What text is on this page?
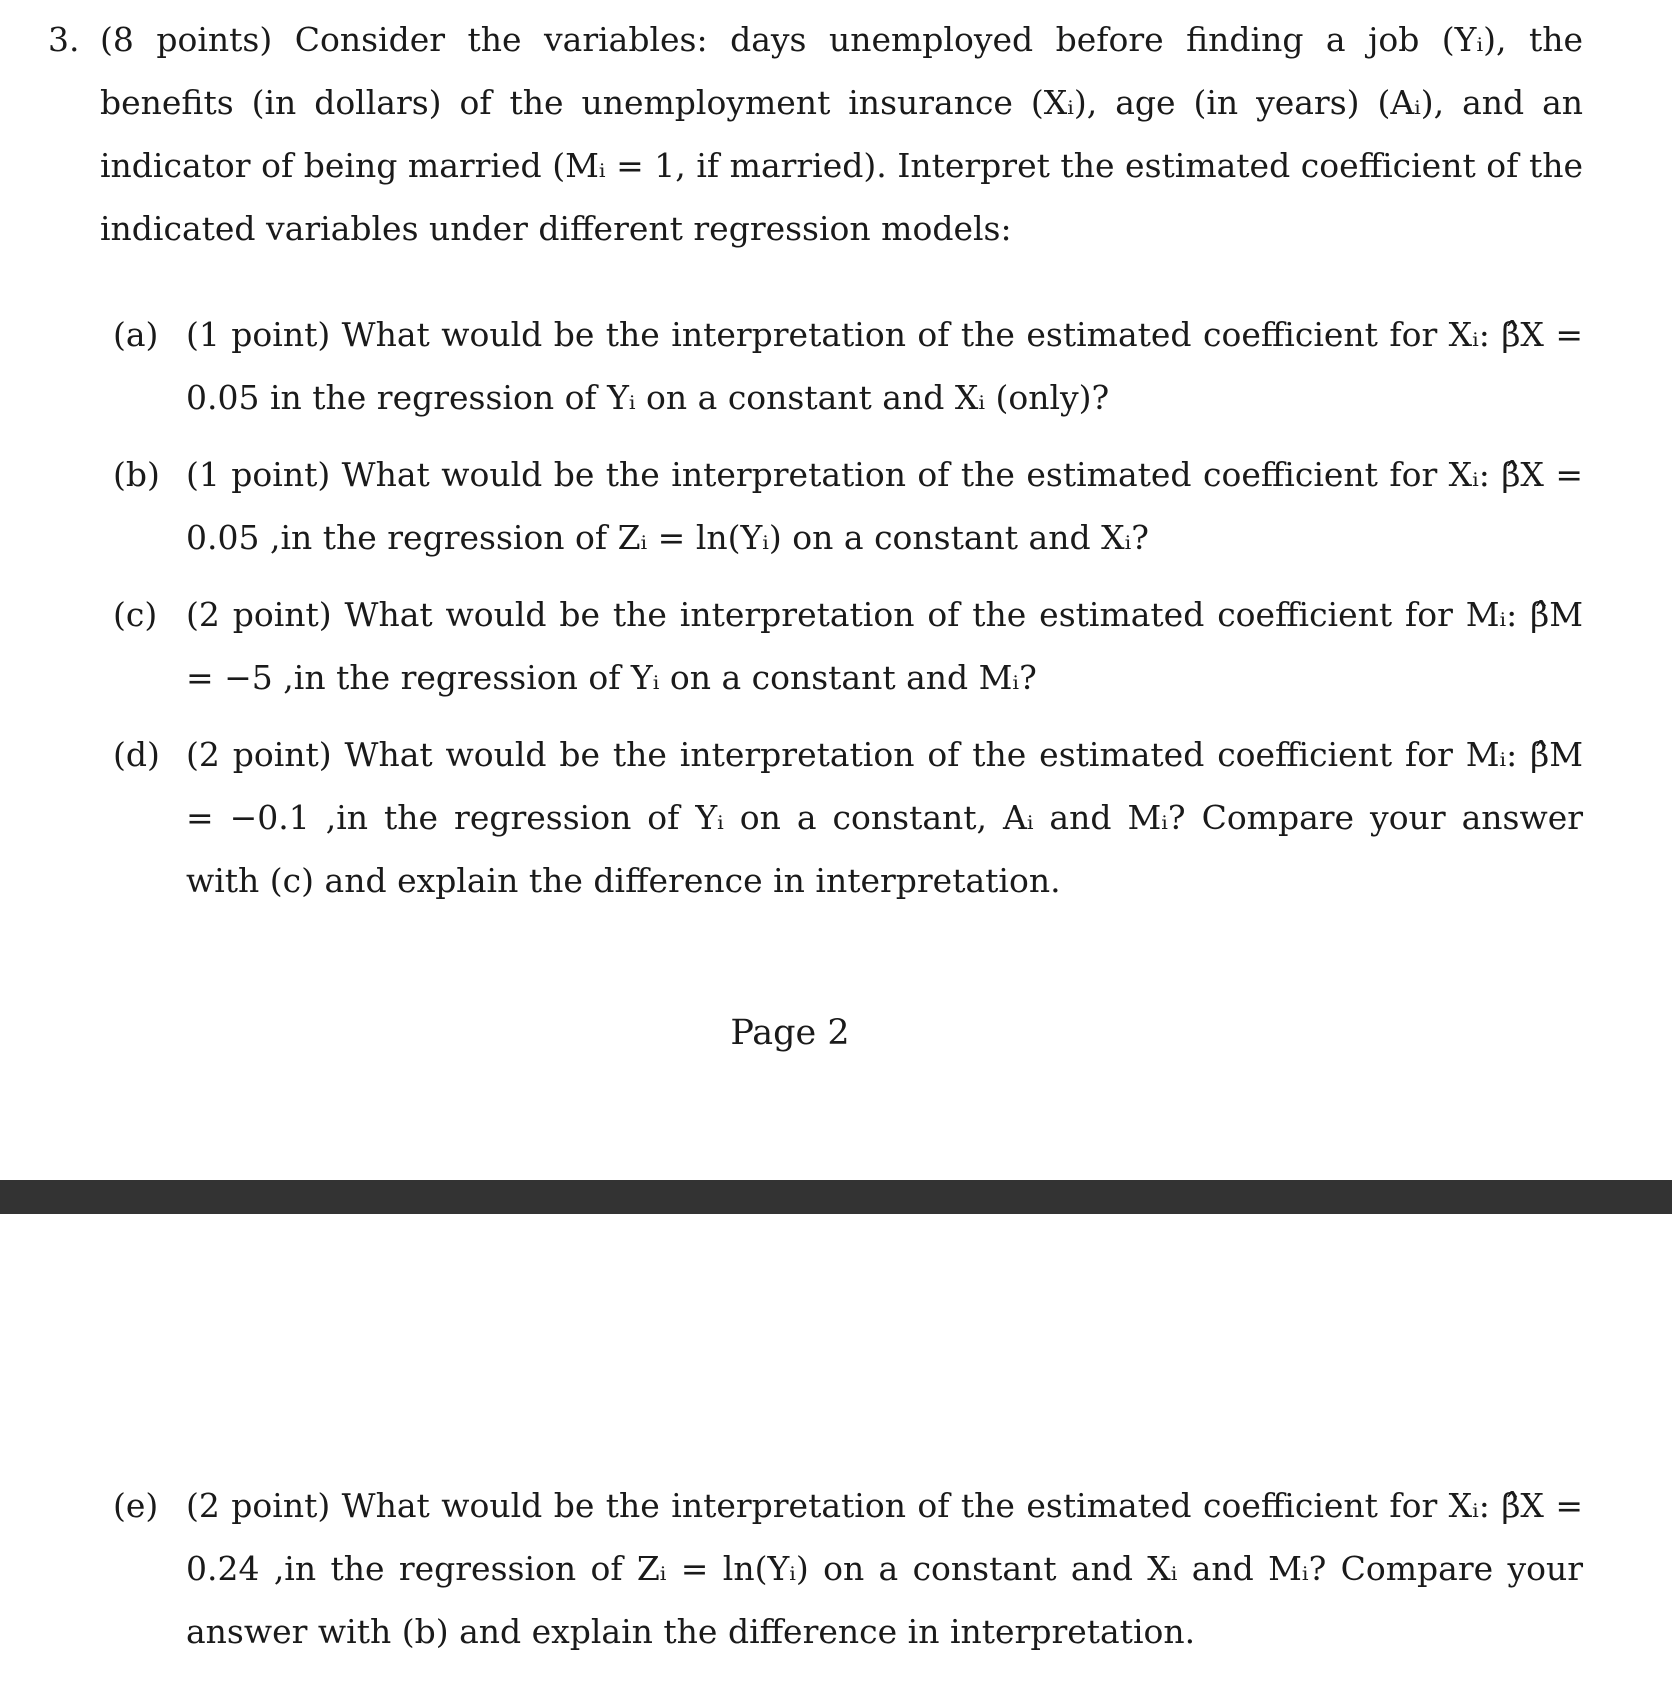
3. (8 points) Consider the variables: days unemployed before finding a job (Yᵢ), the benefits (in dollars) of the unemployment insurance (Xᵢ), age (in years) (Aᵢ), and an indicator of being married (Mᵢ = 1, if married). Interpret the estimated coefficient of the indicated variables under different regression models:
(a) (1 point) What would be the interpretation of the estimated coefficient for Xᵢ: β̂X = 0.05 in the regression of Yᵢ on a constant and Xᵢ (only)?
(b) (1 point) What would be the interpretation of the estimated coefficient for Xᵢ: β̂X = 0.05 ,in the regression of Zᵢ = ln(Yᵢ) on a constant and Xᵢ?
(c) (2 point) What would be the interpretation of the estimated coefficient for Mᵢ: β̂M = −5 ,in the regression of Yᵢ on a constant and Mᵢ?
(d) (2 point) What would be the interpretation of the estimated coefficient for Mᵢ: β̂M = −0.1 ,in the regression of Yᵢ on a constant, Aᵢ and Mᵢ? Compare your answer with (c) and explain the difference in interpretation.
Page 2
(e) (2 point) What would be the interpretation of the estimated coefficient for Xᵢ: β̂X = 0.24 ,in the regression of Zᵢ = ln(Yᵢ) on a constant and Xᵢ and Mᵢ? Compare your answer with (b) and explain the difference in interpretation.
